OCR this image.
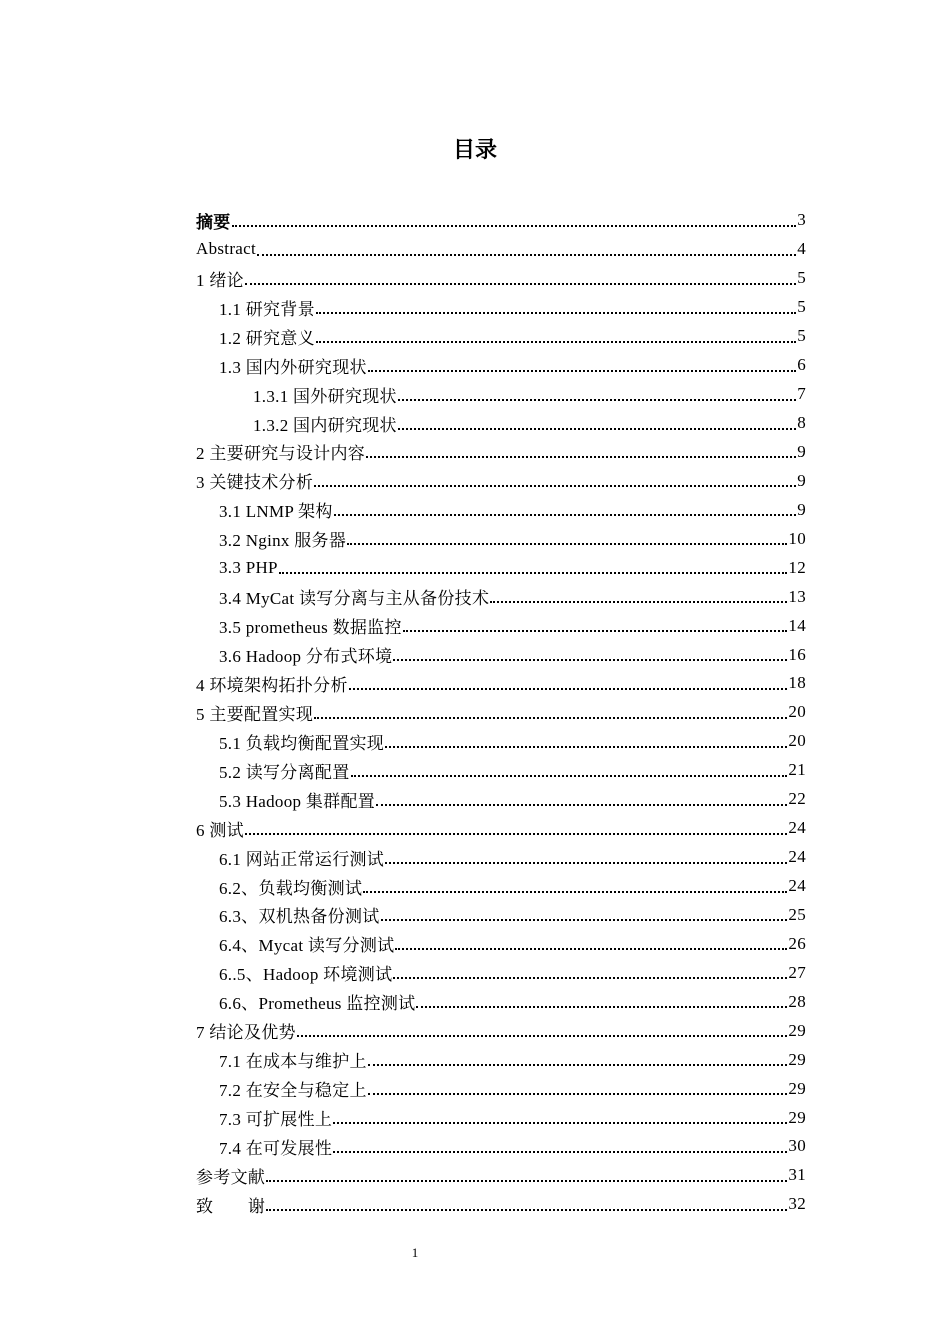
目录
摘要	3
Abstract	4
1 绪论	5
1.1 研究背景	5
1.2 研究意义	5
1.3 国内外研究现状	6
1.3.1 国外研究现状	7
1.3.2 国内研究现状	8
2 主要研究与设计内容	9
3 关键技术分析	9
3.1 LNMP 架构	9
3.2 Nginx 服务器	10
3.3 PHP	12
3.4 MyCat 读写分离与主从备份技术	13
3.5 prometheus 数据监控	14
3.6 Hadoop 分布式环境	16
4 环境架构拓扑分析	18
5 主要配置实现	20
5.1 负载均衡配置实现	20
5.2 读写分离配置	21
5.3 Hadoop 集群配置	22
6 测试	24
6.1 网站正常运行测试	24
6.2、负载均衡测试	24
6.3、双机热备份测试	25
6.4、Mycat 读写分测试	26
6..5、Hadoop 环境测试	27
6.6、Prometheus 监控测试	28
7 结论及优势	29
7.1 在成本与维护上	29
7.2 在安全与稳定上	29
7.3 可扩展性上	29
7.4 在可发展性	30
参考文献	31
致　　谢	32
1
